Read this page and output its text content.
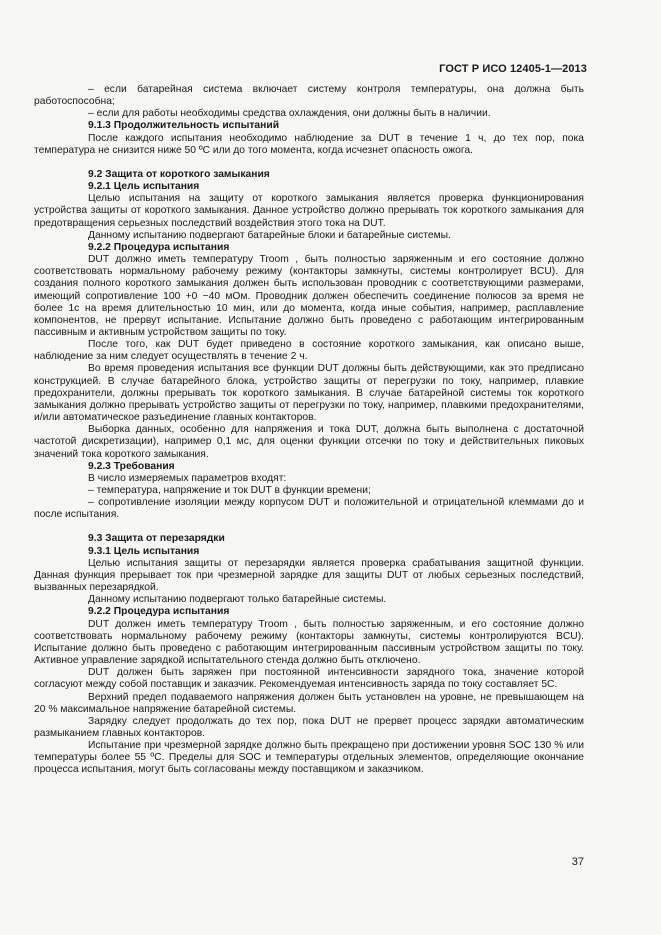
ГОСТ Р ИСО 12405-1—2013

– если батарейная система включает систему контроля температуры, она должна быть работоспособна;

– если для работы необходимы средства охлаждения, они должны быть в наличии.

9.1.3 Продолжительность испытаний

После каждого испытания необходимо наблюдение за DUT в течение 1 ч, до тех пор, пока температура не снизится ниже 50 ºС или до того момента, когда исчезнет опасность ожога.

9.2 Защита от короткого замыкания

9.2.1 Цель испытания

Целью испытания на защиту от короткого замыкания является проверка функционирования устройства защиты от короткого замыкания. Данное устройство должно прерывать ток короткого замыкания для предотвращения серьезных последствий воздействия этого тока на DUT.

Данному испытанию подвергают батарейные блоки и батарейные системы.

9.2.2 Процедура испытания

DUT должно иметь температуру Troom , быть полностью заряженным и его состояние должно соответствовать нормальному рабочему режиму (контакторы замкнуты, системы контролирует BCU). Для создания полного короткого замыкания должен быть использован проводник с соответствующими размерами, имеющий сопротивление 100 +0 −40 мОм. Проводник должен обеспечить соединение полюсов за время не более 1с на время длительностью 10 мин, или до момента, когда иные события, например, расплавление компонентов, не прервут испытание. Испытание должно быть проведено с работающим интегрированным пассивным и активным устройством защиты по току.

После того, как DUT будет приведено в состояние короткого замыкания, как описано выше, наблюдение за ним следует осуществлять в течение 2 ч.

Во время проведения испытания все функции DUT должны быть действующими, как это предписано конструкцией. В случае батарейного блока, устройство защиты от перегрузки по току, например, плавкие предохранители, должны прерывать ток короткого замыкания. В случае батарейной системы ток короткого замыкания должно прерывать устройство защиты от перегрузки по току, например, плавкими предохранителями, и/или автоматическое разъединение главных контакторов.

Выборка данных, особенно для напряжения и тока DUT, должна быть выполнена с достаточной частотой дискретизации), например 0,1 мс, для оценки функции отсечки по току и действительных пиковых значений тока короткого замыкания.

9.2.3 Требования

В число измеряемых параметров входят:

– температура, напряжение и ток DUT в функции времени;

– сопротивление изоляции между корпусом DUT и положительной и отрицательной клеммами до и после испытания.

9.3 Защита от перезарядки

9.3.1 Цель испытания

Целью испытания защиты от перезарядки является проверка срабатывания защитной функции. Данная функция прерывает ток при чрезмерной зарядке для защиты DUT от любых серьезных последствий, вызванных перезарядкой.

Данному испытанию подвергают только батарейные системы.

9.2.2 Процедура испытания

DUT должен иметь температуру Troom , быть полностью заряженным, и его состояние должно соответствовать нормальному рабочему режиму (контакторы замкнуты, системы контролируются BCU). Испытание должно быть проведено с работающим интегрированным пассивным устройством защиты по току. Активное управление зарядкой испытательного стенда должно быть отключено.

DUT должен быть заряжен при постоянной интенсивности зарядного тока, значение которой согласуют между собой поставщик и заказчик. Рекомендуемая интенсивность заряда по току составляет 5С.

Верхний предел подаваемого напряжения должен быть установлен на уровне, не превышающем на 20 % максимальное напряжение батарейной системы.

Зарядку следует продолжать до тех пор, пока DUT не прервет процесс зарядки автоматическим размыканием главных контакторов.

Испытание при чрезмерной зарядке должно быть прекращено при достижении уровня SOC 130 % или температуры более 55 ºС. Пределы для SOC и температуры отдельных элементов, определяющие окончание процесса испытания, могут быть согласованы между поставщиком и заказчиком.

37
